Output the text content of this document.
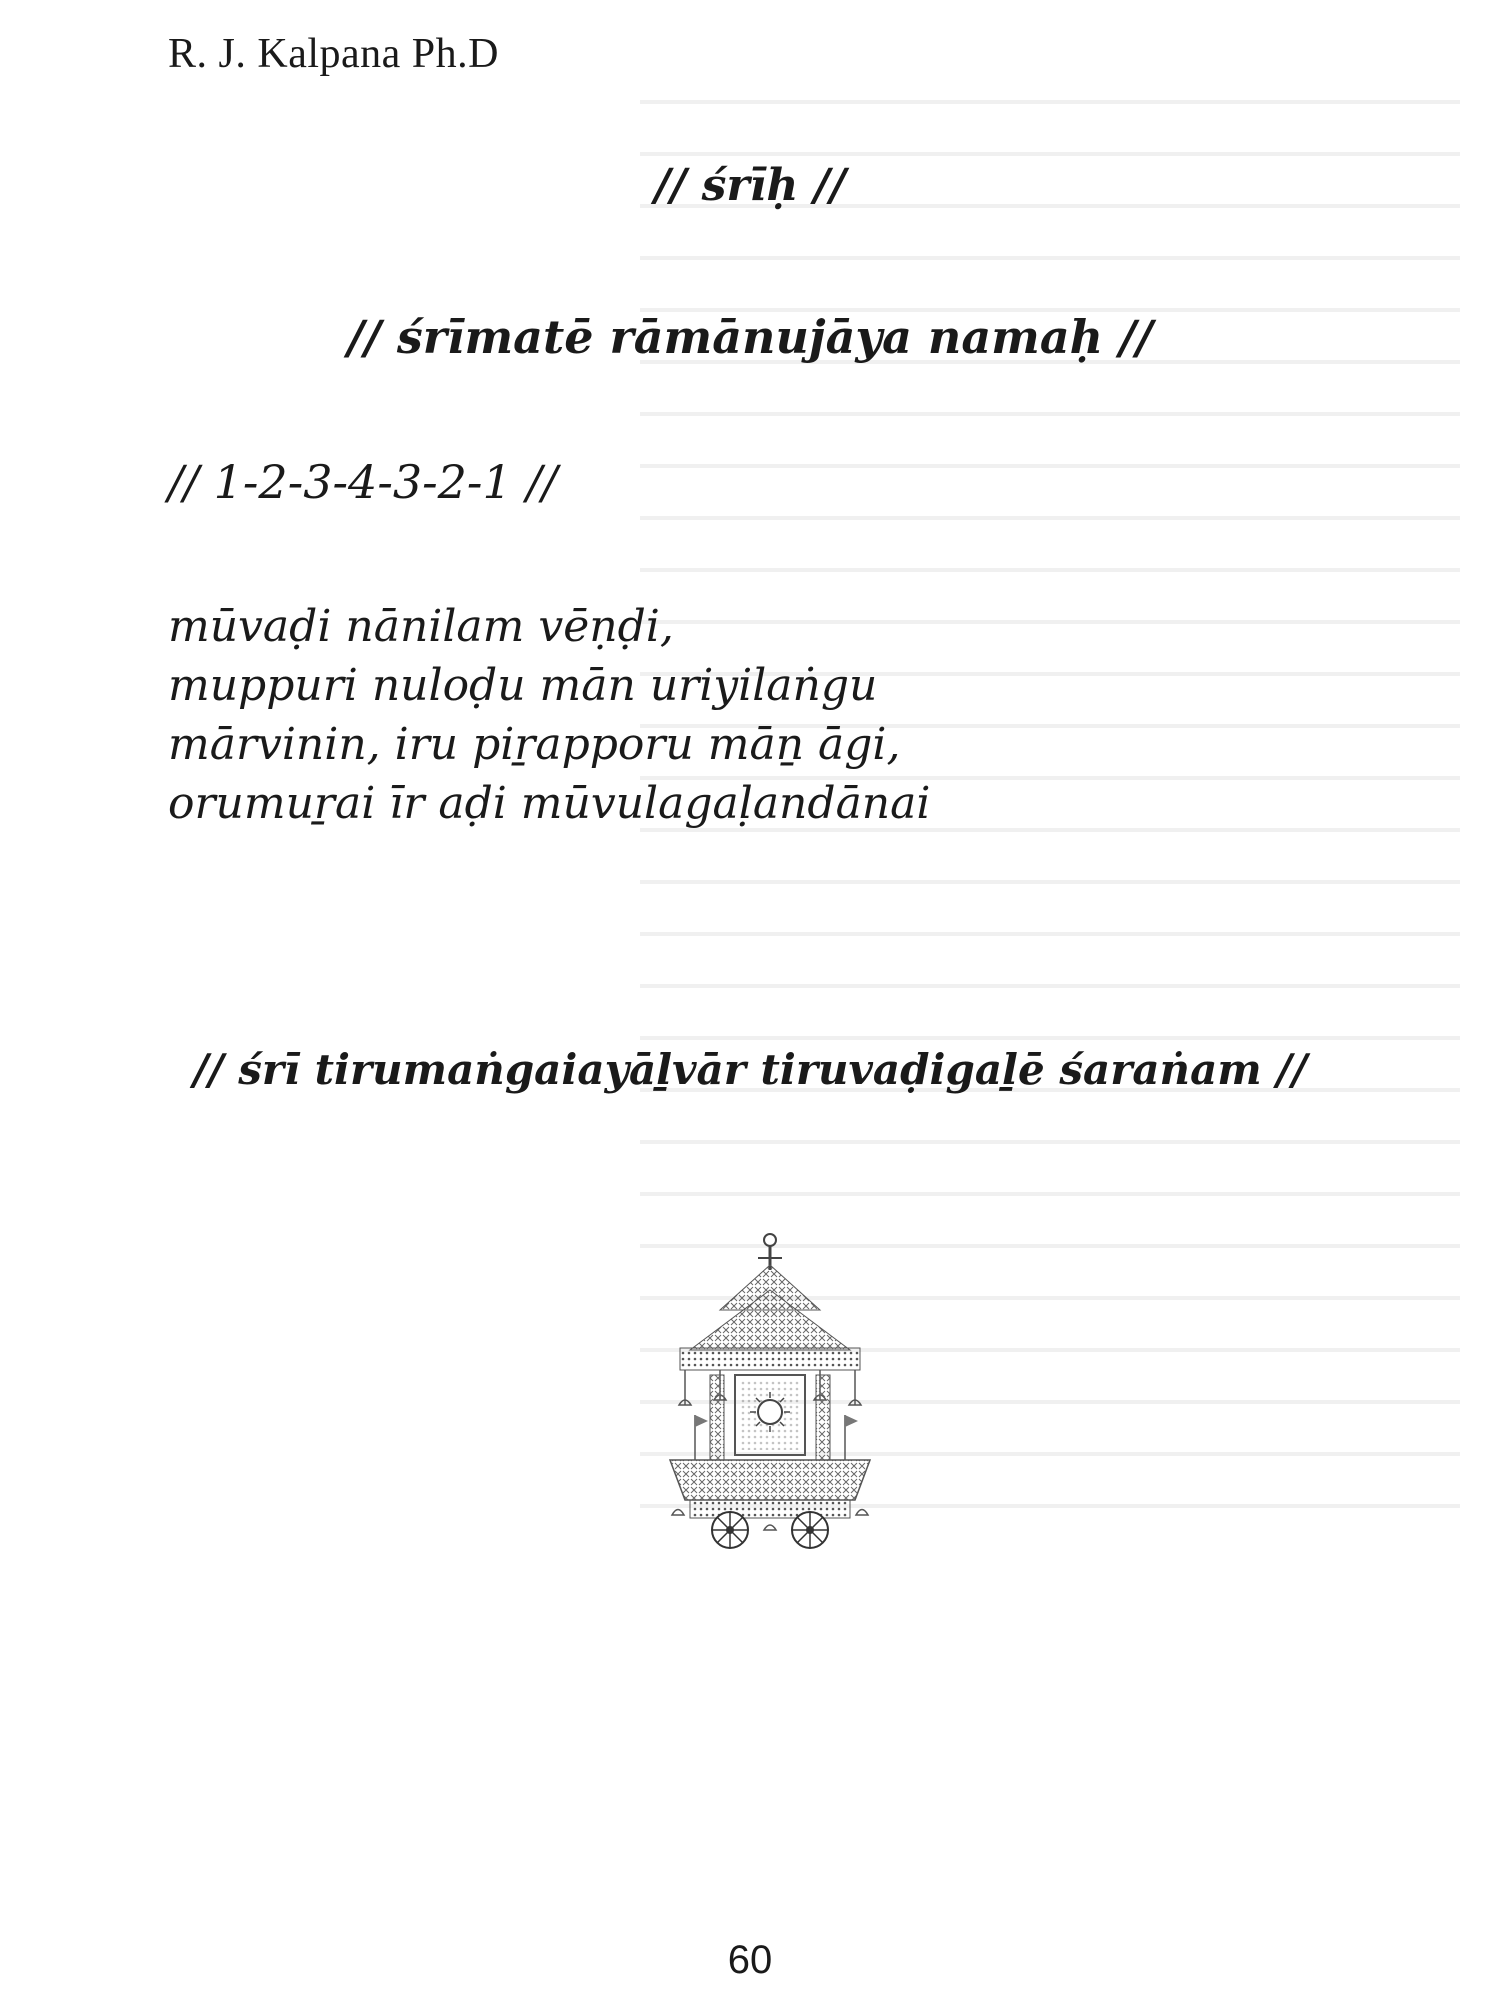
R. J. Kalpana Ph.D
// śrīḥ //
// śrīmatē rāmānujāya namaḥ //
// 1-2-3-4-3-2-1 //
mūvaḍi nānilam vēṇḍi,
muppuri nuloḍu mān uriyilaṅgu
mārvinin, iru piṟapporu māṉ āgi,
orumuṟai īr aḍi mūvulagaḷandānai
// śrī tirumaṅgaiayāḻvār tiruvaḍigaḻē śaraṅam //
60
